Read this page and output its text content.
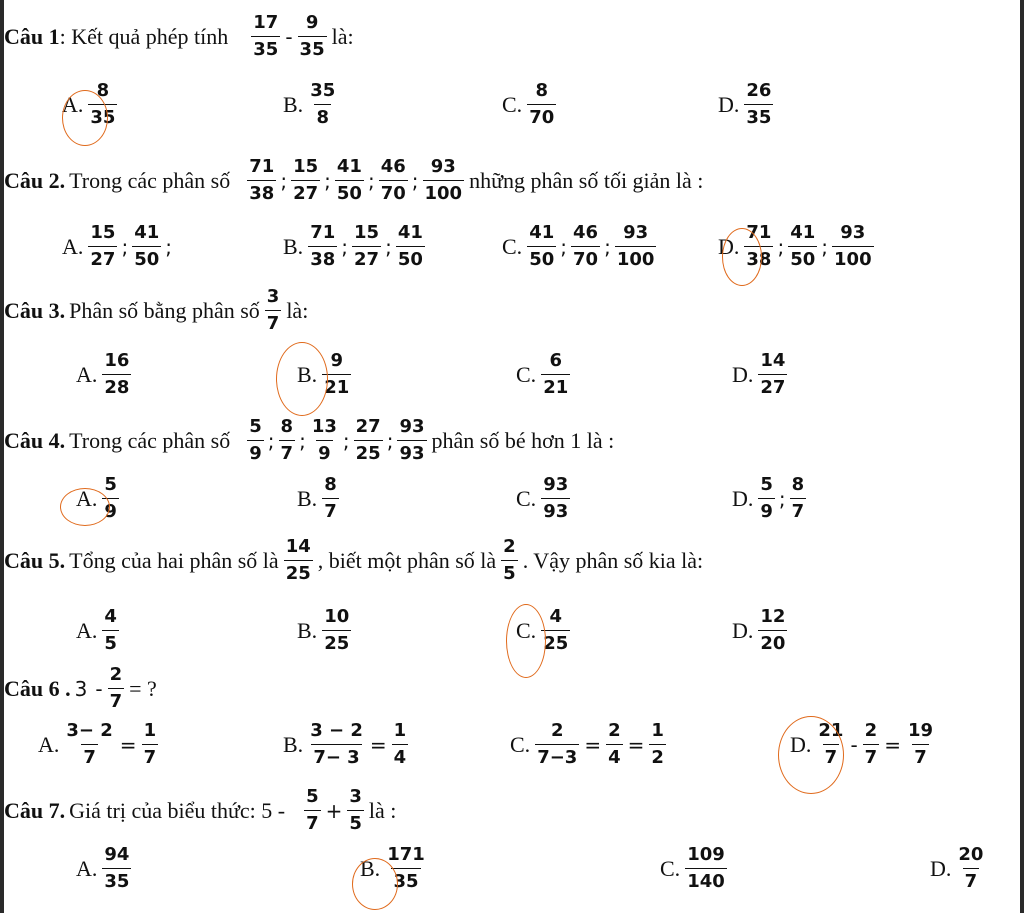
Câu 1 : Kết quả phép tính $\frac{17}{35} - \frac{9}{35}$ là:
A. $\frac{8}{35}$	B. $\frac{35}{8}$	C. $\frac{8}{70}$	D. $\frac{26}{35}$
Câu 2. Trong các phân số $\frac{71}{38}$ ; $\frac{15}{27}$ ; $\frac{41}{50}$ ; $\frac{46}{70}$ ; $\frac{93}{100}$ những phân số tối giản là :
A. $\frac{15}{27}$ ; $\frac{41}{50}$ ;	B. $\frac{71}{38}$ ; $\frac{15}{27}$ ; $\frac{41}{50}$	C. $\frac{41}{50}$ ; $\frac{46}{70}$ ; $\frac{93}{100}$	D. $\frac{71}{38}$ ; $\frac{41}{50}$ ; $\frac{93}{100}$
Câu 3. Phân số bằng phân số $\frac{3}{7}$ là:
A. $\frac{16}{28}$	B. $\frac{9}{21}$	C. $\frac{6}{21}$	D. $\frac{14}{27}$
Câu 4. Trong các phân số $\frac{5}{9}$ ; $\frac{8}{7}$ ; $\frac{13}{9}$ ; $\frac{27}{25}$ ; $\frac{93}{93}$ phân số bé hơn 1 là :
A. $\frac{5}{9}$	B. $\frac{8}{7}$	C. $\frac{93}{93}$	D. $\frac{5}{9}$ ; $\frac{8}{7}$
Câu 5. Tổng của hai phân số là $\frac{14}{25}$ , biết một phân số là $\frac{2}{5}$ . Vậy phân số kia là:
A. $\frac{4}{5}$	B. $\frac{10}{25}$	C. $\frac{4}{25}$	D. $\frac{12}{20}$
Câu 6 . $3 - \frac{2}{7}$ = ?
A. $\frac{3- 2}{7} = \frac{1}{7}$	B. $\frac{3 - 2}{7- 3} = \frac{1}{4}$	C. $\frac{2}{7-3} = \frac{2}{4} = \frac{1}{2}$	D. $\frac{21}{7} - \frac{2}{7} = \frac{19}{7}$
Câu 7. Giá trị của biểu thức: $5 - \frac{5}{7} + \frac{3}{5}$ là :
A. $\frac{94}{35}$	B. $\frac{171}{35}$	C. $\frac{109}{140}$	D. $\frac{20}{7}$
